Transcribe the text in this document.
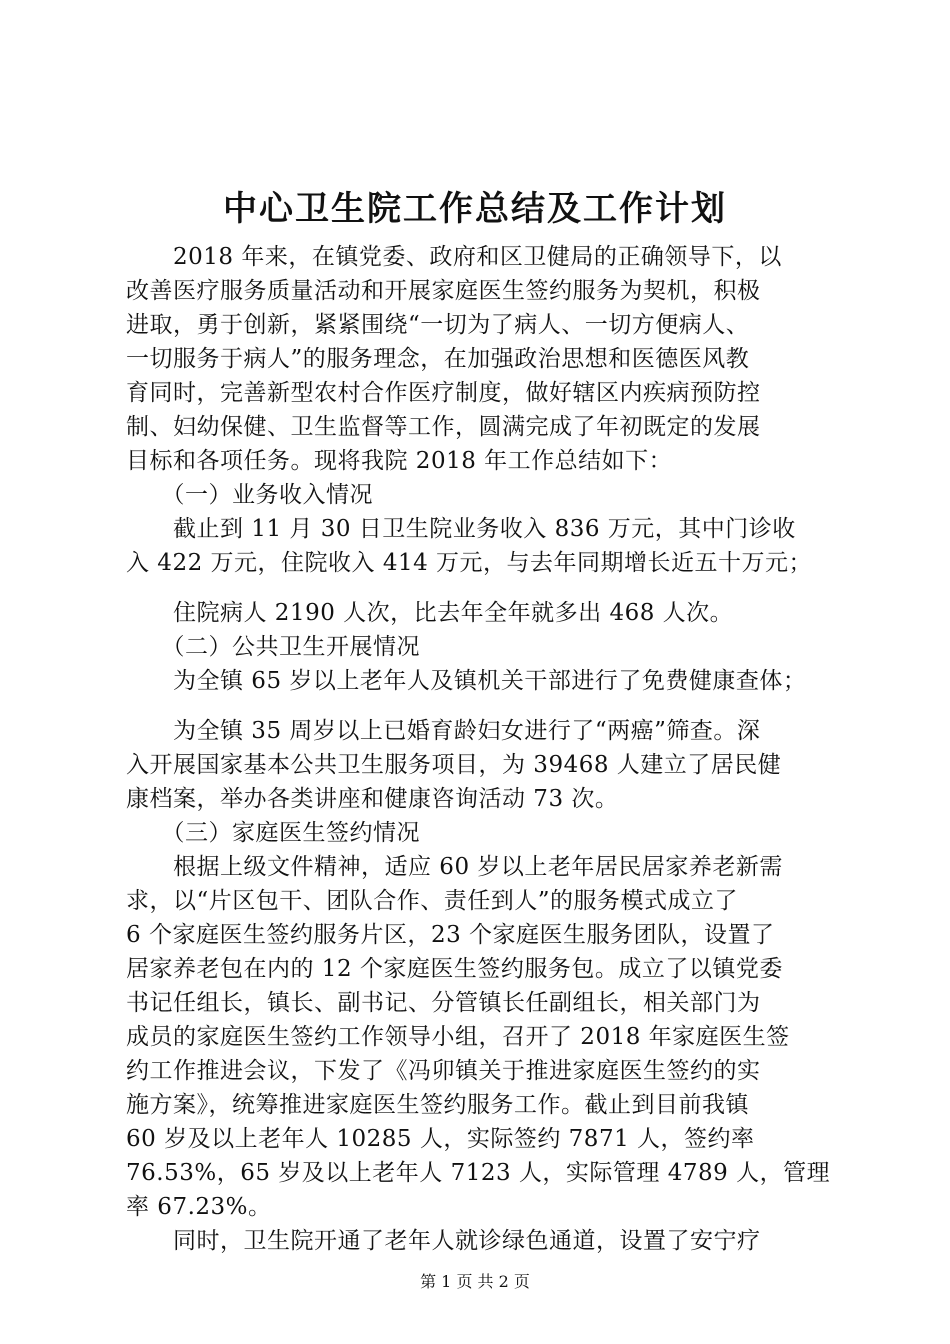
中心卫生院工作总结及工作计划
　　2018 年来，在镇党委、政府和区卫健局的正确领导下，以
改善医疗服务质量活动和开展家庭医生签约服务为契机，积极
进取，勇于创新，紧紧围绕“一切为了病人、一切方便病人、
一切服务于病人”的服务理念，在加强政治思想和医德医风教
育同时，完善新型农村合作医疗制度，做好辖区内疾病预防控
制、妇幼保健、卫生监督等工作，圆满完成了年初既定的发展
目标和各项任务。现将我院 2018 年工作总结如下：
　　（一）业务收入情况
　　截止到 11 月 30 日卫生院业务收入 836 万元，其中门诊收
入 422 万元，住院收入 414 万元，与去年同期增长近五十万元；
　　住院病人 2190 人次，比去年全年就多出 468 人次。
　　（二）公共卫生开展情况
　　为全镇 65 岁以上老年人及镇机关干部进行了免费健康查体；
　　为全镇 35 周岁以上已婚育龄妇女进行了“两癌”筛查。深
入开展国家基本公共卫生服务项目，为 39468 人建立了居民健
康档案，举办各类讲座和健康咨询活动 73 次。
　　（三）家庭医生签约情况
　　根据上级文件精神，适应 60 岁以上老年居民居家养老新需
求，以“片区包干、团队合作、责任到人”的服务模式成立了
6 个家庭医生签约服务片区，23 个家庭医生服务团队，设置了
居家养老包在内的 12 个家庭医生签约服务包。成立了以镇党委
书记任组长，镇长、副书记、分管镇长任副组长，相关部门为
成员的家庭医生签约工作领导小组，召开了 2018 年家庭医生签
约工作推进会议，下发了《冯卯镇关于推进家庭医生签约的实
施方案》，统筹推进家庭医生签约服务工作。截止到目前我镇
60 岁及以上老年人 10285 人，实际签约 7871 人，签约率
76.53%，65 岁及以上老年人 7123 人，实际管理 4789 人，管理
率 67.23%。
　　同时，卫生院开通了老年人就诊绿色通道，设置了安宁疗
第 1 页 共 2 页
